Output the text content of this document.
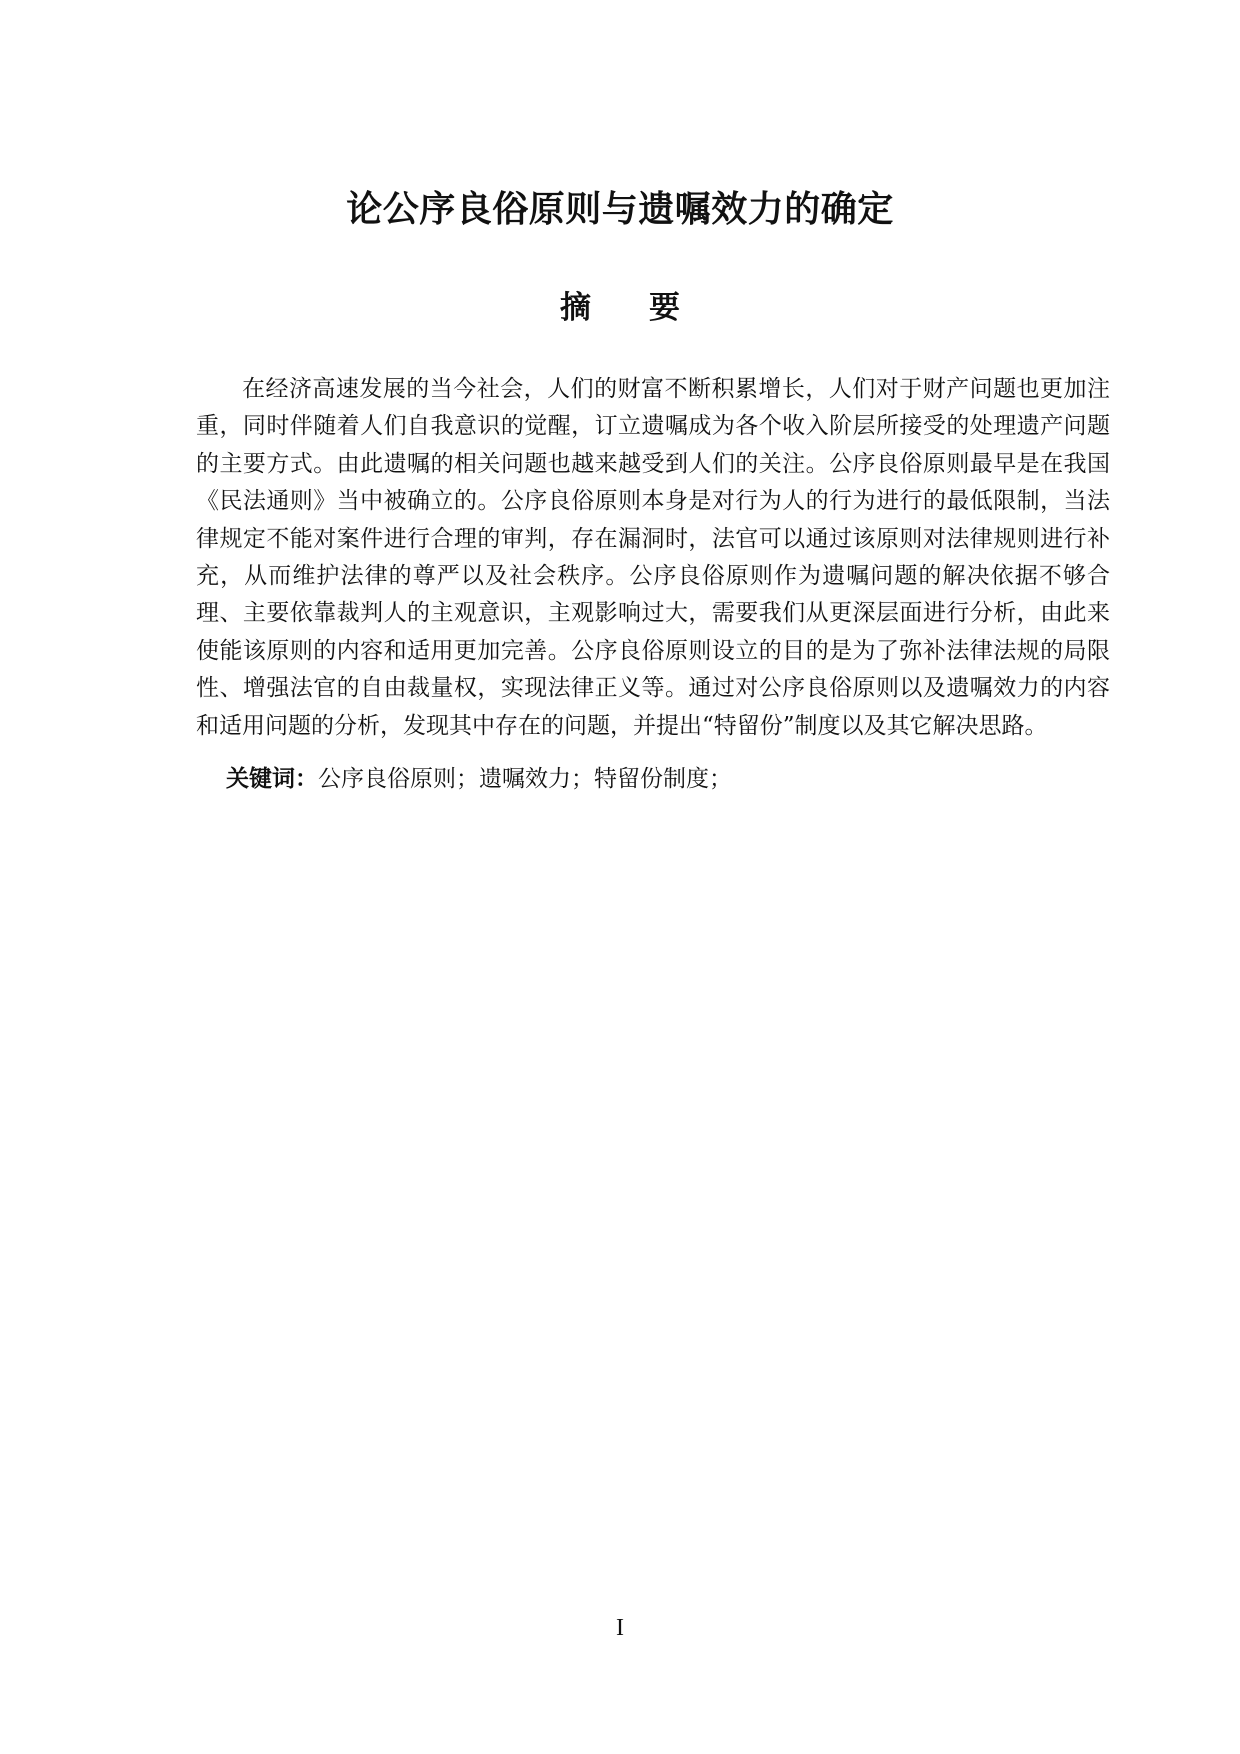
论公序良俗原则与遗嘱效力的确定
摘要

在经济高速发展的当今社会，人们的财富不断积累增长，人们对于财产问题也更加注重，同时伴随着人们自我意识的觉醒，订立遗嘱成为各个收入阶层所接受的处理遗产问题的主要方式。由此遗嘱的相关问题也越来越受到人们的关注。公序良俗原则最早是在我国《民法通则》当中被确立的。公序良俗原则本身是对行为人的行为进行的最低限制，当法律规定不能对案件进行合理的审判，存在漏洞时，法官可以通过该原则对法律规则进行补充，从而维护法律的尊严以及社会秩序。公序良俗原则作为遗嘱问题的解决依据不够合理、主要依靠裁判人的主观意识，主观影响过大，需要我们从更深层面进行分析，由此来使能该原则的内容和适用更加完善。公序良俗原则设立的目的是为了弥补法律法规的局限性、增强法官的自由裁量权，实现法律正义等。通过对公序良俗原则以及遗嘱效力的内容和适用问题的分析，发现其中存在的问题，并提出“特留份”制度以及其它解决思路。

关键词：公序良俗原则；遗嘱效力；特留份制度；
I
